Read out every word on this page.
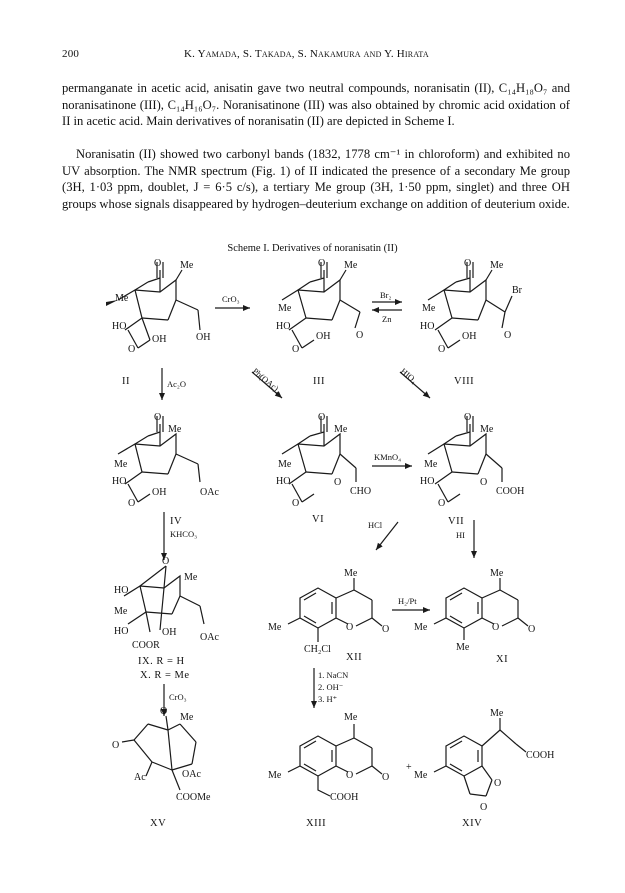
200	K. Yamada, S. Takada, S. Nakamura and Y. Hirata

permanganate in acetic acid, anisatin gave two neutral compounds, noranisatin (II), C₁₄H₁₈O₇ and noranisatinone (III), C₁₄H₁₆O₇. Noranisatinone (III) was also obtained by chromic acid oxidation of II in acetic acid. Main derivatives of noranisatin (II) are depicted in Scheme I.

Noranisatin (II) showed two carbonyl bands (1832, 1778 cm⁻¹ in chloroform) and exhibited no UV absorption. The NMR spectrum (Fig. 1) of II indicated the presence of a secondary Me group (3H, 1·03 ppm, doublet, J = 6·5 c/s), a tertiary Me group (3H, 1·50 ppm, singlet) and three OH groups whose signals disappeared by hydrogen–deuterium exchange on addition of deuterium oxide.

Scheme I. Derivatives of noranisatin (II)
O Me
Me
HO
OH	OH
O
CrO₃
O Me
Me
HO
OH	O
O
Br₂
Zn
O Me
Br
Me
HO
OH	O
O
II	Ac₂O	Pb(OAc)₄	III	HIO₄	VIII
O
Me
Me
HO
OH	OAc
O
O
Me
Me
HO	O
CHO
O
KMnO₄
O
Me
Me
HO	O
COOH
O
IV
KHCO₃
VI	HCl	VII
HI
O
Me
HO
Me
HO
COOR
OH OAc
IX. R = H
X. R = Me
CrO₃
Me
Me	O	O
CH₂Cl
XII
H₂/Pt
Me
Me	O	O
Me
XI
1. NaCN
2. OH⁻
3. H⁺
O
Me
O
Ac	OAc
COOMe
Me
Me	O	O
COOH
+
Me
COOH
Me
O
O
XV	XIII	XIV
